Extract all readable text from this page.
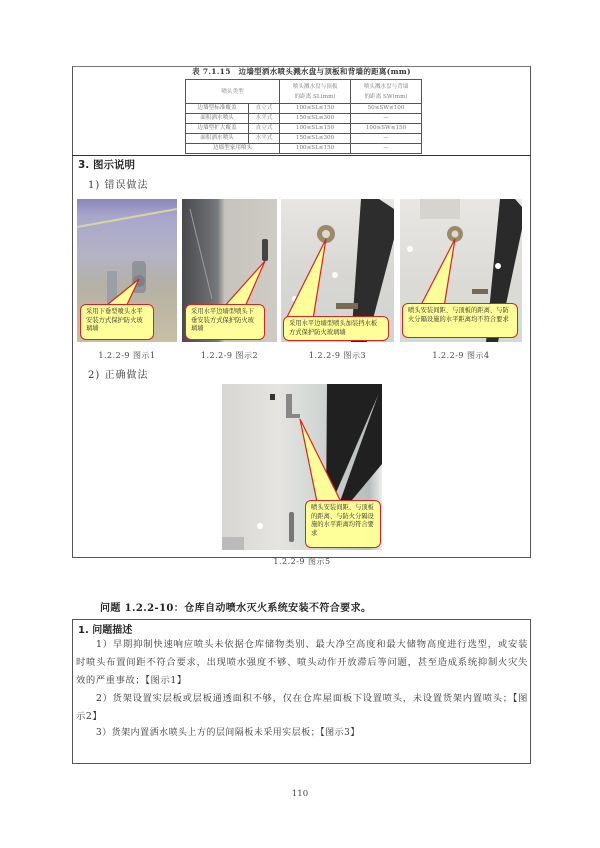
表 7.1.15　边墙型洒水喷头溅水盘与顶板和背墙的距离(mm)
喷头类型		喷头溅水盘与顶板
的距离 SL(mm)	喷头溅水盘与背墙
的距离 SW(mm)
边墙型标准覆盖	直立式	100≤SL≤150	50≤SW≤100
面积洒水喷头	水平式	150≤SL≤300	—
边墙型扩大覆盖	直立式	100≤SL≤150	100≤SW≤150
面积洒水喷头	水平式	150≤SL≤300	—
边墙型家用喷头		100≤SL≤150	—
3. 图示说明
1) 错误做法
采用下垂型喷头水平安装方式保护防火玻璃墙
采用水平边墙型喷头下垂安装方式保护防火玻璃墙
采用水平边墙型喷头加装挡水板方式保护防火玻璃墙
喷头安装间距、与顶板的距离、与防火分隔设施的水平距离均不符合要求
1.2.2-9 图示1	1.2.2-9 图示2	1.2.2-9 图示3	1.2.2-9 图示4
2) 正确做法
喷头安装间距、与顶板的距离、与防火分隔设施的水平距离均符合要求
1.2.2-9 图示5
问题 1.2.2-10：仓库自动喷水灭火系统安装不符合要求。
1. 问题描述
1）早期抑制快速响应喷头未依据仓库储物类别、最大净空高度和最大储物高度进行选型，或安装时喷头布置间距不符合要求，出现喷水强度不够、喷头动作开放滞后等问题，甚至造成系统抑制火灾失效的严重事故；【图示1】
2）货架设置实层板或层板通透面积不够，仅在仓库屋面板下设置喷头，未设置货架内置喷头；【图示2】
3）货架内置洒水喷头上方的层间隔板未采用实层板；【图示3】
110
